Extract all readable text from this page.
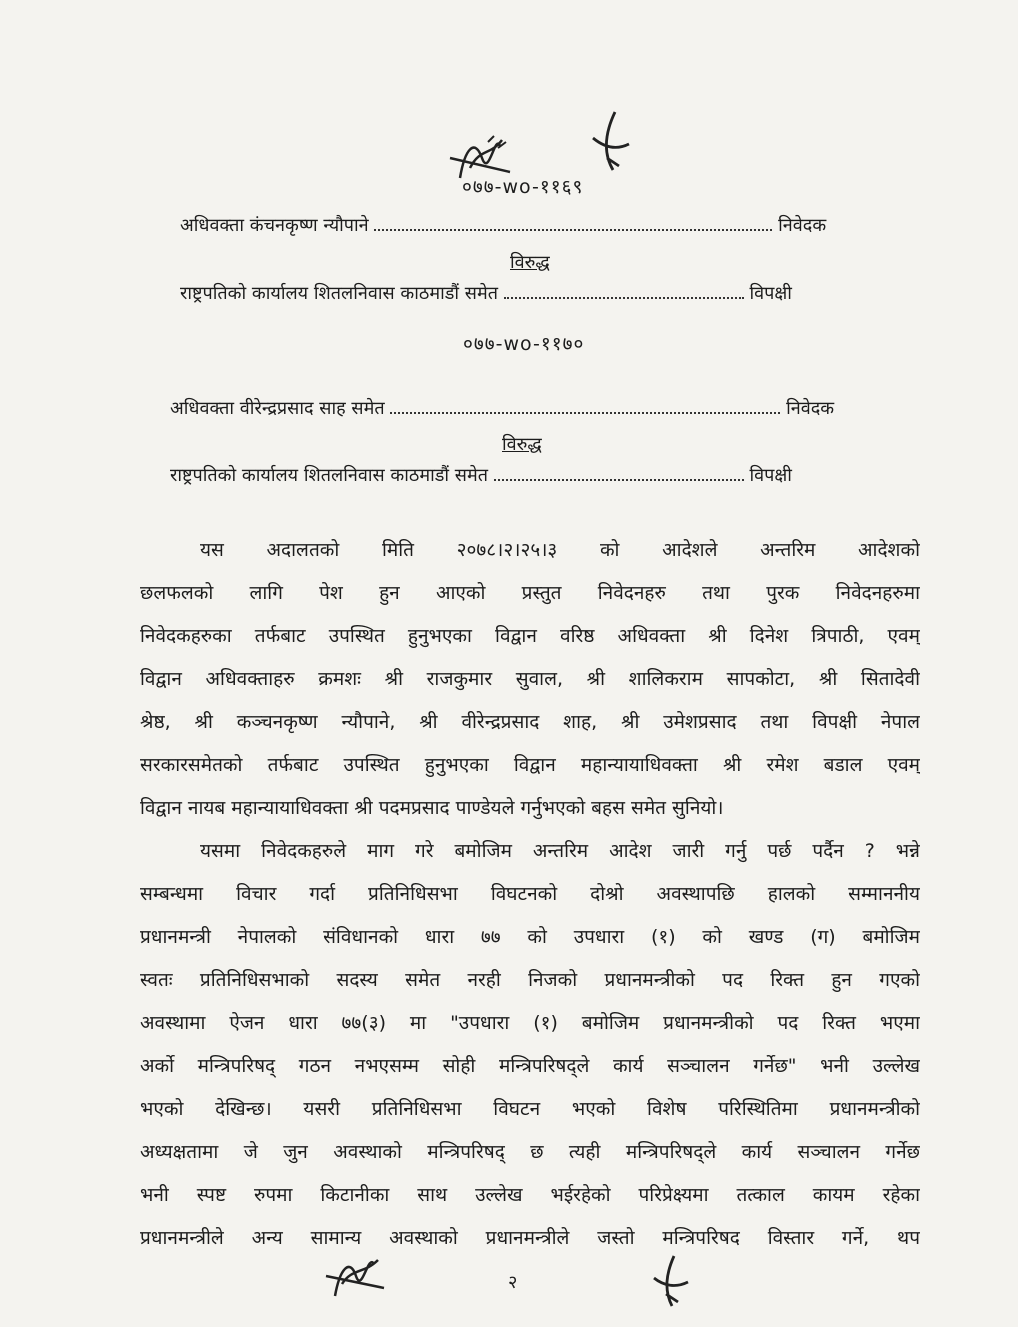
०७७-wo-११६९
अधिवक्ता कंचनकृष्ण न्यौपाने	निवेदक
विरुद्ध
राष्ट्रपतिको कार्यालय शितलनिवास काठमाडौं समेत	विपक्षी
०७७-wo-११७०
अधिवक्ता वीरेन्द्रप्रसाद साह समेत	निवेदक
विरुद्ध
राष्ट्रपतिको कार्यालय शितलनिवास काठमाडौं समेत	विपक्षी
यस अदालतको मिति २०७८।२।२५।३ को आदेशले अन्तरिम आदेशको
छलफलको लागि पेश हुन आएको प्रस्तुत निवेदनहरु तथा पुरक निवेदनहरुमा
निवेदकहरुका तर्फबाट उपस्थित हुनुभएका विद्वान वरिष्ठ अधिवक्ता श्री दिनेश त्रिपाठी, एवम्
विद्वान अधिवक्ताहरु क्रमशः श्री राजकुमार सुवाल, श्री शालिकराम सापकोटा, श्री सितादेवी
श्रेष्ठ, श्री कञ्चनकृष्ण न्यौपाने, श्री वीरेन्द्रप्रसाद शाह, श्री उमेशप्रसाद तथा विपक्षी नेपाल
सरकारसमेतको तर्फबाट उपस्थित हुनुभएका विद्वान महान्यायाधिवक्ता श्री रमेश बडाल एवम्
विद्वान नायब महान्यायाधिवक्ता श्री पदमप्रसाद पाण्डेयले गर्नुभएको बहस समेत सुनियो।
यसमा निवेदकहरुले माग गरे बमोजिम अन्तरिम आदेश जारी गर्नु पर्छ पर्दैन ? भन्ने
सम्बन्धमा विचार गर्दा प्रतिनिधिसभा विघटनको दोश्रो अवस्थापछि हालको सम्माननीय
प्रधानमन्त्री नेपालको संविधानको धारा ७७ को उपधारा (१) को खण्ड (ग) बमोजिम
स्वतः प्रतिनिधिसभाको सदस्य समेत नरही निजको प्रधानमन्त्रीको पद रिक्त हुन गएको
अवस्थामा ऐजन धारा ७७(३) मा "उपधारा (१) बमोजिम प्रधानमन्त्रीको पद रिक्त भएमा
अर्को मन्त्रिपरिषद् गठन नभएसम्म सोही मन्त्रिपरिषद्ले कार्य सञ्चालन गर्नेछ" भनी उल्लेख
भएको देखिन्छ। यसरी प्रतिनिधिसभा विघटन भएको विशेष परिस्थितिमा प्रधानमन्त्रीको
अध्यक्षतामा जे जुन अवस्थाको मन्त्रिपरिषद् छ त्यही मन्त्रिपरिषद्ले कार्य सञ्चालन गर्नेछ
भनी स्पष्ट रुपमा किटानीका साथ उल्लेख भईरहेको परिप्रेक्ष्यमा तत्काल कायम रहेका
प्रधानमन्त्रीले अन्य सामान्य अवस्थाको प्रधानमन्त्रीले जस्तो मन्त्रिपरिषद विस्तार गर्ने, थप
२
